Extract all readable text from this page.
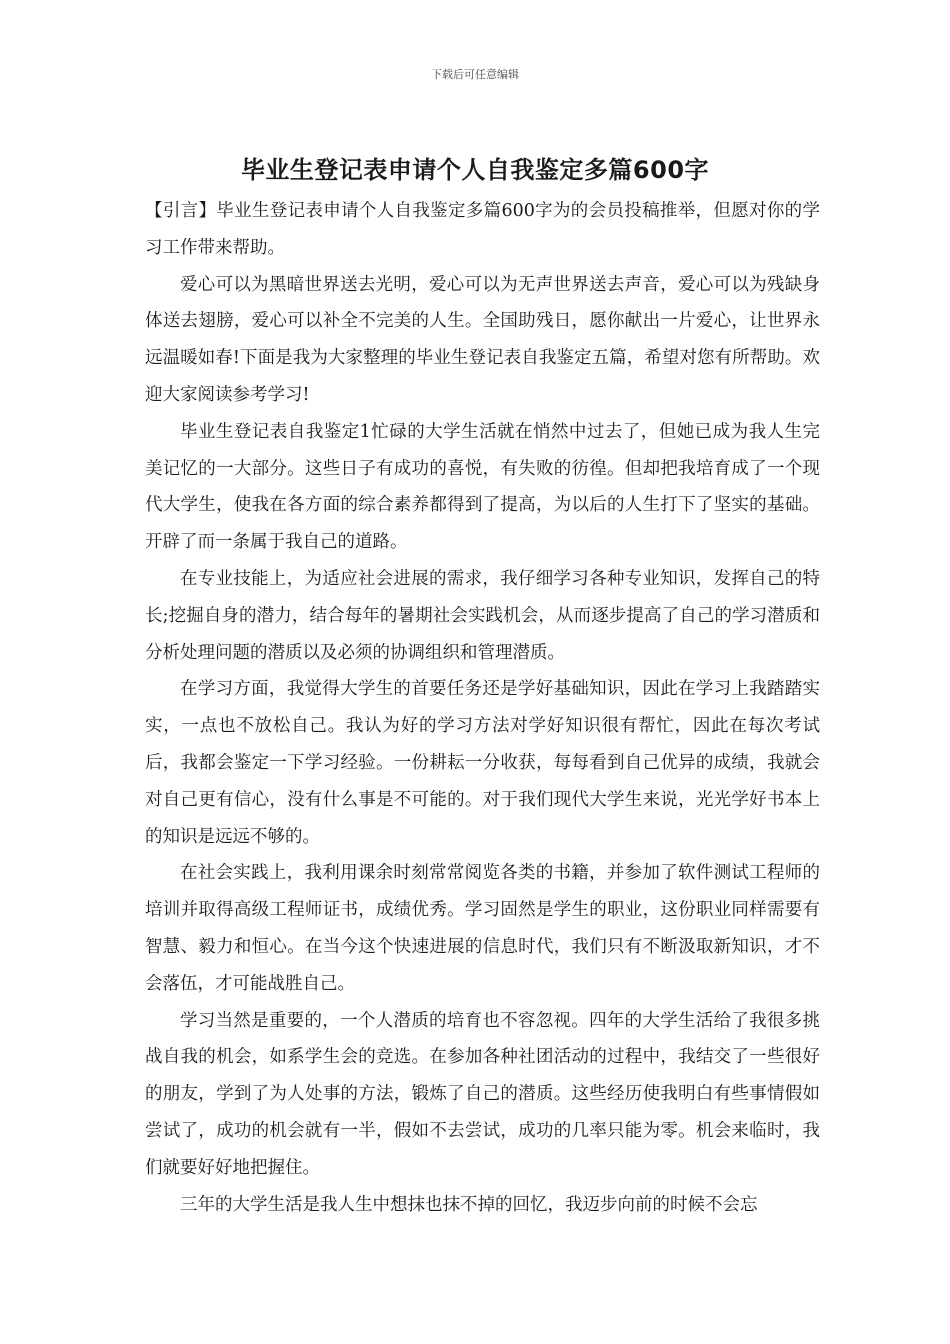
下载后可任意编辑
毕业生登记表申请个人自我鉴定多篇600字

【引言】毕业生登记表申请个人自我鉴定多篇600字为的会员投稿推举，但愿对你的学习工作带来帮助。

爱心可以为黑暗世界送去光明，爱心可以为无声世界送去声音，爱心可以为残缺身体送去翅膀，爱心可以补全不完美的人生。全国助残日，愿你献出一片爱心，让世界永远温暖如春!下面是我为大家整理的毕业生登记表自我鉴定五篇，希望对您有所帮助。欢迎大家阅读参考学习!

毕业生登记表自我鉴定1忙碌的大学生活就在悄然中过去了，但她已成为我人生完美记忆的一大部分。这些日子有成功的喜悦，有失败的彷徨。但却把我培育成了一个现代大学生，使我在各方面的综合素养都得到了提高，为以后的人生打下了坚实的基础。开辟了而一条属于我自己的道路。

在专业技能上，为适应社会进展的需求，我仔细学习各种专业知识，发挥自己的特长;挖掘自身的潜力，结合每年的暑期社会实践机会，从而逐步提高了自己的学习潜质和分析处理问题的潜质以及必须的协调组织和管理潜质。

在学习方面，我觉得大学生的首要任务还是学好基础知识，因此在学习上我踏踏实实，一点也不放松自己。我认为好的学习方法对学好知识很有帮忙，因此在每次考试后，我都会鉴定一下学习经验。一份耕耘一分收获，每每看到自己优异的成绩，我就会对自己更有信心，没有什么事是不可能的。对于我们现代大学生来说，光光学好书本上的知识是远远不够的。

在社会实践上，我利用课余时刻常常阅览各类的书籍，并参加了软件测试工程师的培训并取得高级工程师证书，成绩优秀。学习固然是学生的职业，这份职业同样需要有智慧、毅力和恒心。在当今这个快速进展的信息时代，我们只有不断汲取新知识，才不会落伍，才可能战胜自己。

学习当然是重要的，一个人潜质的培育也不容忽视。四年的大学生活给了我很多挑战自我的机会，如系学生会的竞选。在参加各种社团活动的过程中，我结交了一些很好的朋友，学到了为人处事的方法，锻炼了自己的潜质。这些经历使我明白有些事情假如尝试了，成功的机会就有一半，假如不去尝试，成功的几率只能为零。机会来临时，我们就要好好地把握住。

三年的大学生活是我人生中想抹也抹不掉的回忆，我迈步向前的时候不会忘
